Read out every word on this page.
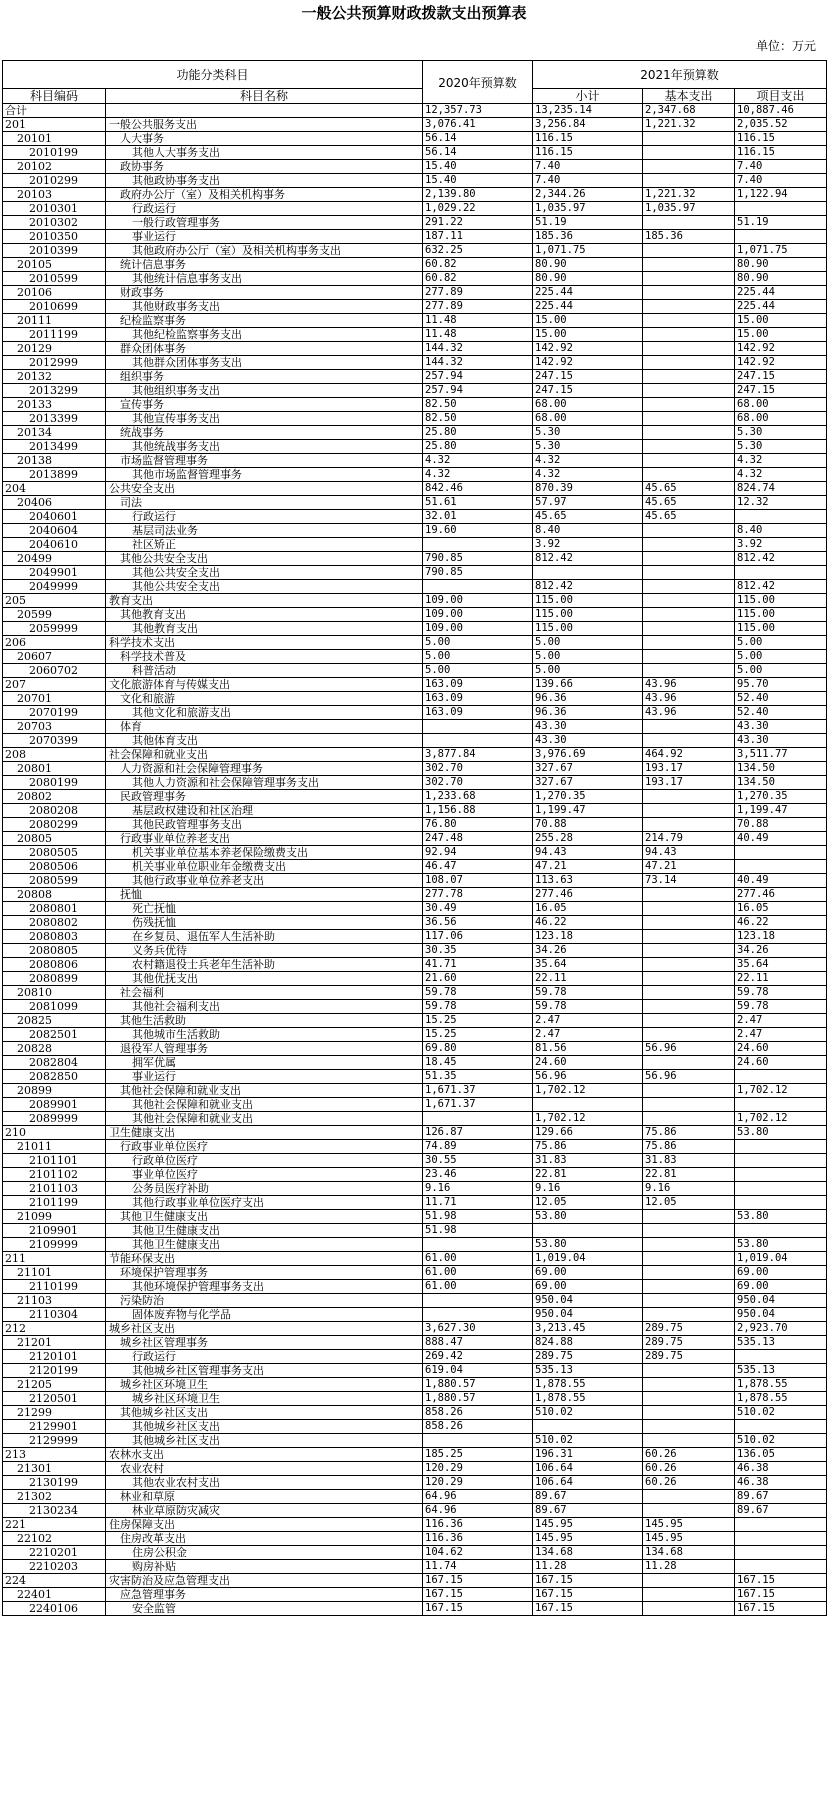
一般公共预算财政拨款支出预算表
单位：万元
功能分类科目		2020年预算数	2021年预算数		
科目编码	科目名称		小计	基本支出	项目支出
合计		12,357.73	13,235.14	2,347.68	10,887.46
201	一般公共服务支出	3,076.41	3,256.84	1,221.32	2,035.52
20101	人大事务	56.14	116.15		116.15
2010199	其他人大事务支出	56.14	116.15		116.15
20102	政协事务	15.40	7.40		7.40
2010299	其他政协事务支出	15.40	7.40		7.40
20103	政府办公厅（室）及相关机构事务	2,139.80	2,344.26	1,221.32	1,122.94
2010301	行政运行	1,029.22	1,035.97	1,035.97	
2010302	一般行政管理事务	291.22	51.19		51.19
2010350	事业运行	187.11	185.36	185.36	
2010399	其他政府办公厅（室）及相关机构事务支出	632.25	1,071.75		1,071.75
20105	统计信息事务	60.82	80.90		80.90
2010599	其他统计信息事务支出	60.82	80.90		80.90
20106	财政事务	277.89	225.44		225.44
2010699	其他财政事务支出	277.89	225.44		225.44
20111	纪检监察事务	11.48	15.00		15.00
2011199	其他纪检监察事务支出	11.48	15.00		15.00
20129	群众团体事务	144.32	142.92		142.92
2012999	其他群众团体事务支出	144.32	142.92		142.92
20132	组织事务	257.94	247.15		247.15
2013299	其他组织事务支出	257.94	247.15		247.15
20133	宣传事务	82.50	68.00		68.00
2013399	其他宣传事务支出	82.50	68.00		68.00
20134	统战事务	25.80	5.30		5.30
2013499	其他统战事务支出	25.80	5.30		5.30
20138	市场监督管理事务	4.32	4.32		4.32
2013899	其他市场监督管理事务	4.32	4.32		4.32
204	公共安全支出	842.46	870.39	45.65	824.74
20406	司法	51.61	57.97	45.65	12.32
2040601	行政运行	32.01	45.65	45.65	
2040604	基层司法业务	19.60	8.40		8.40
2040610	社区矫正		3.92		3.92
20499	其他公共安全支出	790.85	812.42		812.42
2049901	其他公共安全支出	790.85			
2049999	其他公共安全支出		812.42		812.42
205	教育支出	109.00	115.00		115.00
20599	其他教育支出	109.00	115.00		115.00
2059999	其他教育支出	109.00	115.00		115.00
206	科学技术支出	5.00	5.00		5.00
20607	科学技术普及	5.00	5.00		5.00
2060702	科普活动	5.00	5.00		5.00
207	文化旅游体育与传媒支出	163.09	139.66	43.96	95.70
20701	文化和旅游	163.09	96.36	43.96	52.40
2070199	其他文化和旅游支出	163.09	96.36	43.96	52.40
20703	体育		43.30		43.30
2070399	其他体育支出		43.30		43.30
208	社会保障和就业支出	3,877.84	3,976.69	464.92	3,511.77
20801	人力资源和社会保障管理事务	302.70	327.67	193.17	134.50
2080199	其他人力资源和社会保障管理事务支出	302.70	327.67	193.17	134.50
20802	民政管理事务	1,233.68	1,270.35		1,270.35
2080208	基层政权建设和社区治理	1,156.88	1,199.47		1,199.47
2080299	其他民政管理事务支出	76.80	70.88		70.88
20805	行政事业单位养老支出	247.48	255.28	214.79	40.49
2080505	机关事业单位基本养老保险缴费支出	92.94	94.43	94.43	
2080506	机关事业单位职业年金缴费支出	46.47	47.21	47.21	
2080599	其他行政事业单位养老支出	108.07	113.63	73.14	40.49
20808	抚恤	277.78	277.46		277.46
2080801	死亡抚恤	30.49	16.05		16.05
2080802	伤残抚恤	36.56	46.22		46.22
2080803	在乡复员、退伍军人生活补助	117.06	123.18		123.18
2080805	义务兵优待	30.35	34.26		34.26
2080806	农村籍退役士兵老年生活补助	41.71	35.64		35.64
2080899	其他优抚支出	21.60	22.11		22.11
20810	社会福利	59.78	59.78		59.78
2081099	其他社会福利支出	59.78	59.78		59.78
20825	其他生活救助	15.25	2.47		2.47
2082501	其他城市生活救助	15.25	2.47		2.47
20828	退役军人管理事务	69.80	81.56	56.96	24.60
2082804	拥军优属	18.45	24.60		24.60
2082850	事业运行	51.35	56.96	56.96	
20899	其他社会保障和就业支出	1,671.37	1,702.12		1,702.12
2089901	其他社会保障和就业支出	1,671.37			
2089999	其他社会保障和就业支出		1,702.12		1,702.12
210	卫生健康支出	126.87	129.66	75.86	53.80
21011	行政事业单位医疗	74.89	75.86	75.86	
2101101	行政单位医疗	30.55	31.83	31.83	
2101102	事业单位医疗	23.46	22.81	22.81	
2101103	公务员医疗补助	9.16	9.16	9.16	
2101199	其他行政事业单位医疗支出	11.71	12.05	12.05	
21099	其他卫生健康支出	51.98	53.80		53.80
2109901	其他卫生健康支出	51.98			
2109999	其他卫生健康支出		53.80		53.80
211	节能环保支出	61.00	1,019.04		1,019.04
21101	环境保护管理事务	61.00	69.00		69.00
2110199	其他环境保护管理事务支出	61.00	69.00		69.00
21103	污染防治		950.04		950.04
2110304	固体废弃物与化学品		950.04		950.04
212	城乡社区支出	3,627.30	3,213.45	289.75	2,923.70
21201	城乡社区管理事务	888.47	824.88	289.75	535.13
2120101	行政运行	269.42	289.75	289.75	
2120199	其他城乡社区管理事务支出	619.04	535.13		535.13
21205	城乡社区环境卫生	1,880.57	1,878.55		1,878.55
2120501	城乡社区环境卫生	1,880.57	1,878.55		1,878.55
21299	其他城乡社区支出	858.26	510.02		510.02
2129901	其他城乡社区支出	858.26			
2129999	其他城乡社区支出		510.02		510.02
213	农林水支出	185.25	196.31	60.26	136.05
21301	农业农村	120.29	106.64	60.26	46.38
2130199	其他农业农村支出	120.29	106.64	60.26	46.38
21302	林业和草原	64.96	89.67		89.67
2130234	林业草原防灾减灾	64.96	89.67		89.67
221	住房保障支出	116.36	145.95	145.95	
22102	住房改革支出	116.36	145.95	145.95	
2210201	住房公积金	104.62	134.68	134.68	
2210203	购房补贴	11.74	11.28	11.28	
224	灾害防治及应急管理支出	167.15	167.15		167.15
22401	应急管理事务	167.15	167.15		167.15
2240106	安全监管	167.15	167.15		167.15
